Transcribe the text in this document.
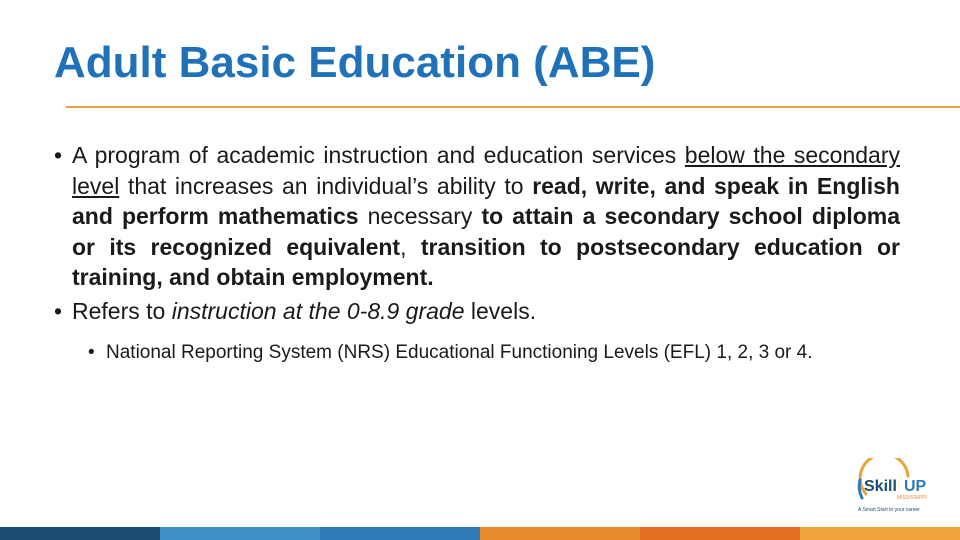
Adult Basic Education (ABE)
• A program of academic instruction and education services below the secondary level that increases an individual’s ability to read, write, and speak in English and perform mathematics necessary to attain a secondary school diploma or its recognized equivalent, transition to postsecondary education or training, and obtain employment.

• Refers to instruction at the 0-8.9 grade levels.
• National Reporting System (NRS) Educational Functioning Levels (EFL) 1, 2, 3 or 4.
Skill UP
MISSISSIPPI
A Smart Start to your career
